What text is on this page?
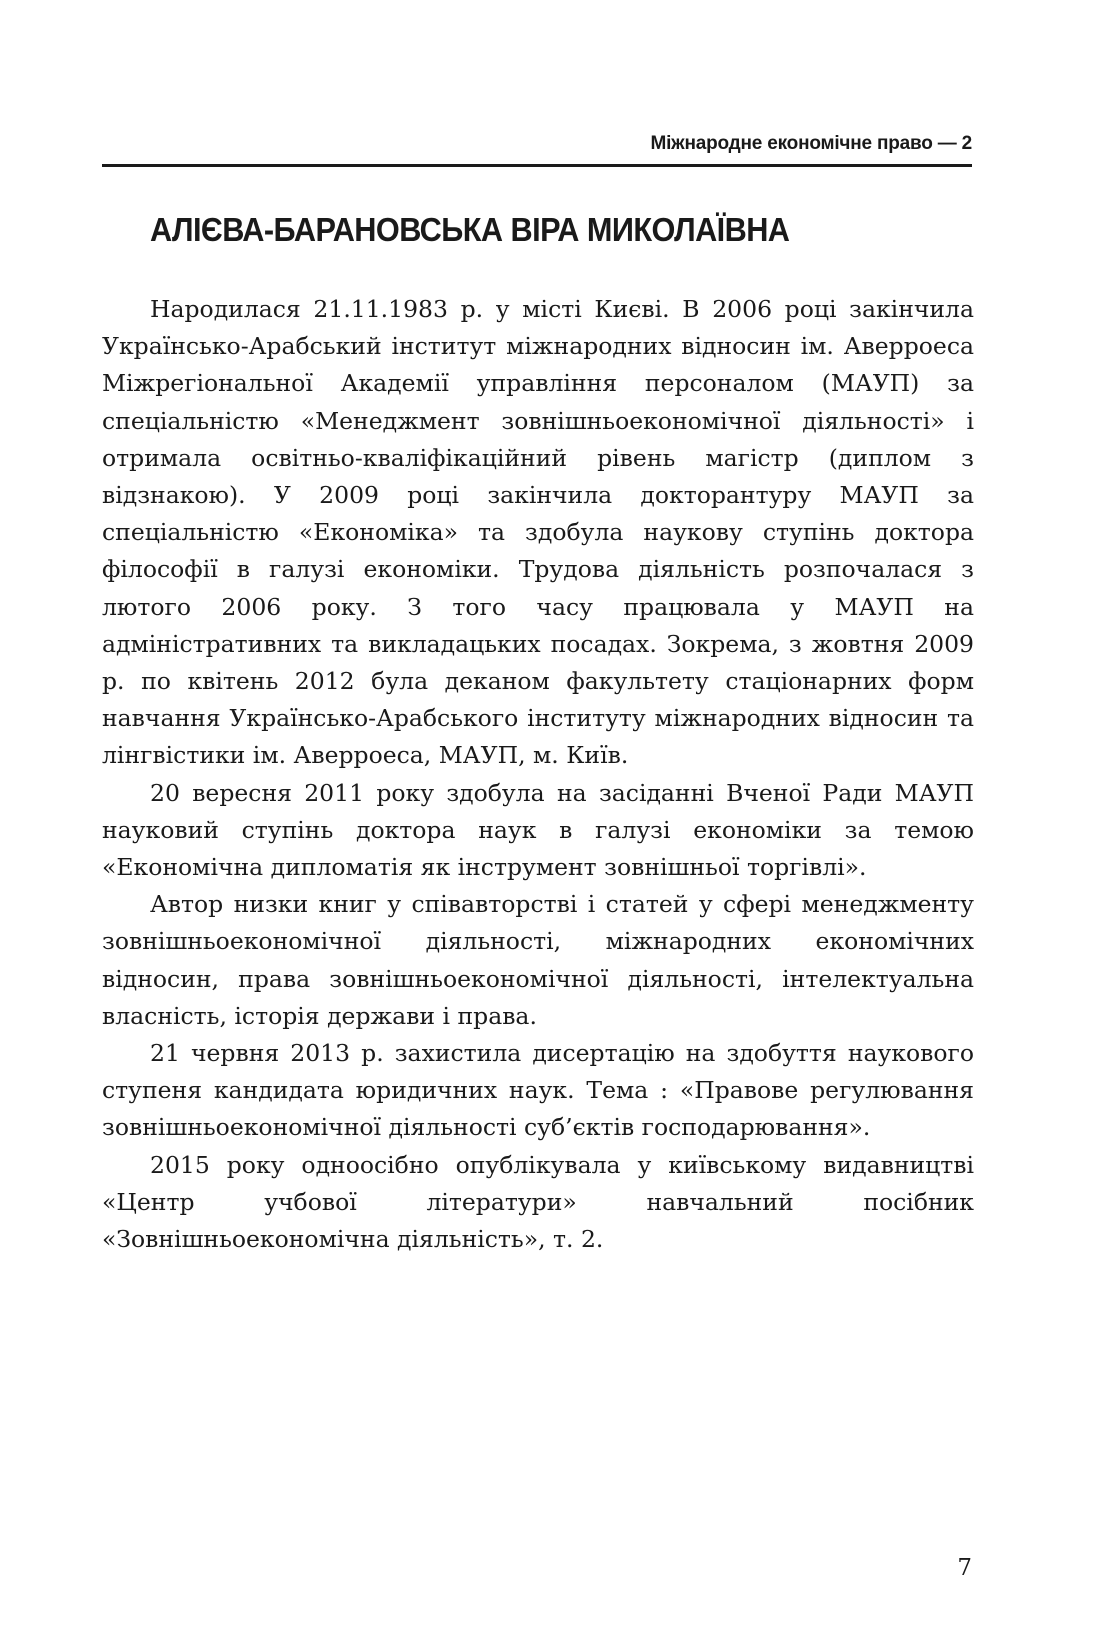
Міжнародне економічне право — 2
АЛІЄВА-БАРАНОВСЬКА ВІРА МИКОЛАЇВНА

Народилася 21.11.1983 р. у місті Києві. В 2006 році закінчила Українсько-Арабський інститут міжнародних відносин ім. Аверроеса Міжрегіональної Академії управління персоналом (МАУП) за спеціальністю «Менеджмент зовнішньоекономічної діяльності» і отримала освітньо-кваліфікаційний рівень магістр (диплом з відзнакою). У 2009 році закінчила докторантуру МАУП за спеціальністю «Економіка» та здобула наукову ступінь доктора філософії в галузі економіки. Трудова діяльність розпочалася з лютого 2006 року. З того часу працювала у МАУП на адміністративних та викладацьких посадах. Зокрема, з жовтня 2009 р. по квітень 2012 була деканом факультету стаціонарних форм навчання Українсько-Арабського інституту міжнародних відносин та лінгвістики ім. Аверроеса, МАУП, м. Київ.

20 вересня 2011 року здобула на засіданні Вченої Ради МАУП науковий ступінь доктора наук в галузі економіки за темою «Економічна дипломатія як інструмент зовнішньої торгівлі».

Автор низки книг у співавторстві і статей у сфері менеджменту зовнішньоекономічної діяльності, міжнародних економічних відносин, права зовнішньоекономічної діяльності, інтелектуальна власність, історія держави і права.

21 червня 2013 р. захистила дисертацію на здобуття наукового ступеня кандидата юридичних наук. Тема : «Правове регулювання зовнішньоекономічної діяльності суб’єктів господарювання».

2015 року одноосібно опублікувала у київському видавництві «Центр учбової літератури» навчальний посібник «Зовнішньоекономічна діяльність», т. 2.

7
